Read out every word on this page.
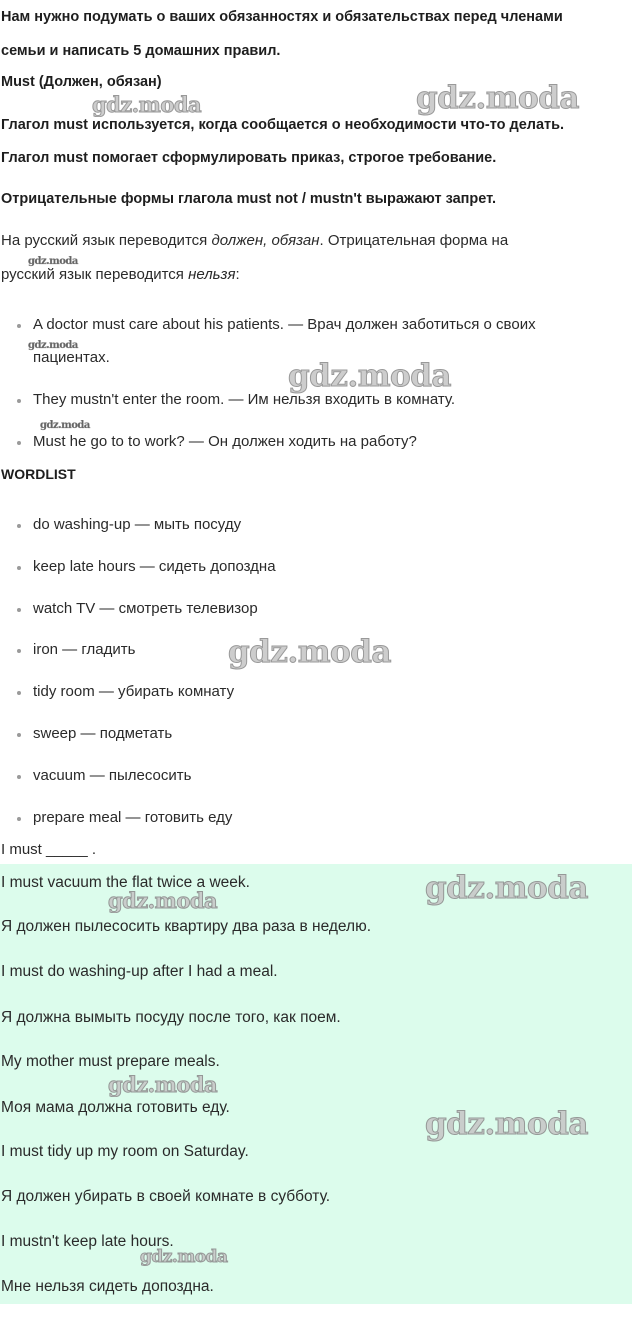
Нам нужно подумать о ваших обязанностях и обязательствах перед членами
семьи и написать 5 домашних правил.
Must (Должен, обязан)
Глагол must используется, когда сообщается о необходимости что-то делать.
Глагол must помогает сформулировать приказ, строгое требование.
Отрицательные формы глагола must not / mustn't выражают запрет.
На русский язык переводится должен, обязан. Отрицательная форма на
русский язык переводится нельзя:
A doctor must care about his patients. — Врач должен заботиться о своих
пациентах.
They mustn't enter the room. — Им нельзя входить в комнату.
Must he go to to work? — Он должен ходить на работу?
WORDLIST
do washing-up — мыть посуду
keep late hours — сидеть допоздна
watch TV — смотреть телевизор
iron — гладить
tidy room — убирать комнату
sweep — подметать
vacuum — пылесосить
prepare meal — готовить еду
I must _____ .
I must vacuum the flat twice a week.
Я должен пылесосить квартиру два раза в неделю.
I must do washing-up after I had a meal.
Я должна вымыть посуду после того, как поем.
My mother must prepare meals.
Моя мама должна готовить еду.
I must tidy up my room on Saturday.
Я должен убирать в своей комнате в субботу.
I mustn't keep late hours.
Мне нельзя сидеть допоздна.
gdz.moda	gdz.moda
gdz.moda
gdz.moda
gdz.moda
gdz.moda
gdz.moda
gdz.moda
gdz.moda
gdz.moda
gdz.moda
gdz.moda
